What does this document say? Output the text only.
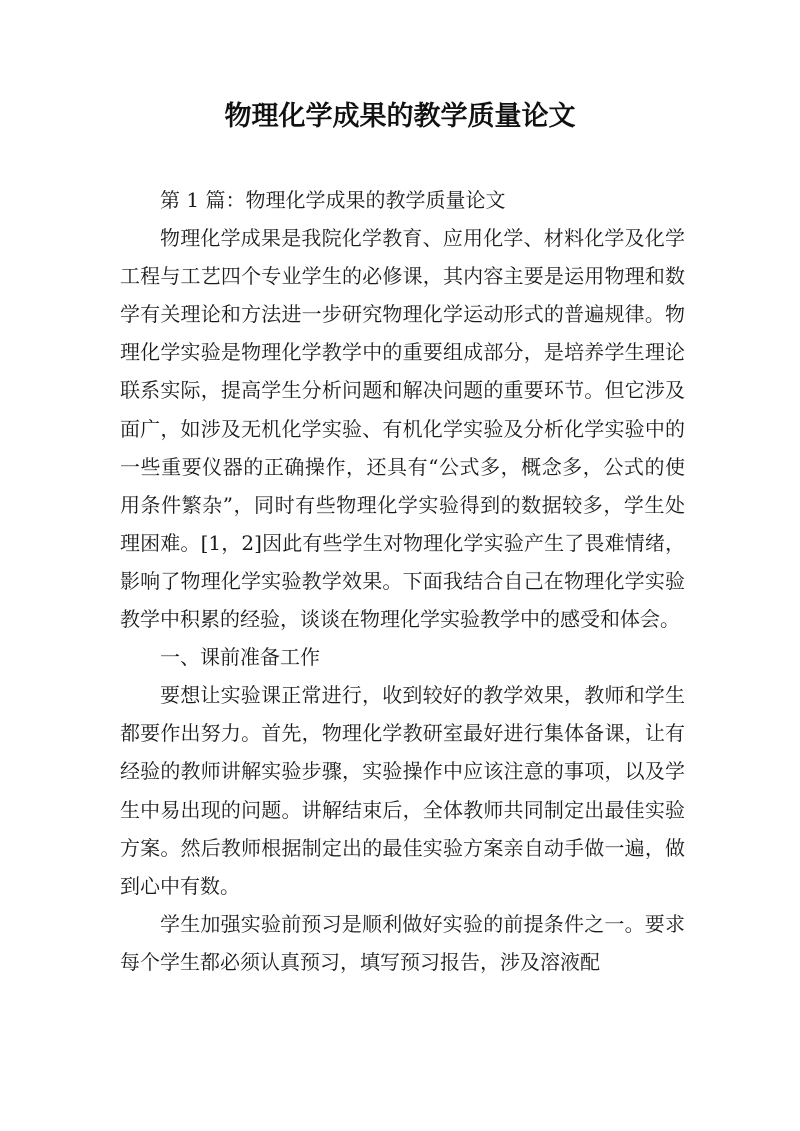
物理化学成果的教学质量论文

第 1 篇：物理化学成果的教学质量论文

物理化学成果是我院化学教育、应用化学、材料化学及化学工程与工艺四个专业学生的必修课，其内容主要是运用物理和数学有关理论和方法进一步研究物理化学运动形式的普遍规律。物理化学实验是物理化学教学中的重要组成部分，是培养学生理论联系实际，提高学生分析问题和解决问题的重要环节。但它涉及面广，如涉及无机化学实验、有机化学实验及分析化学实验中的一些重要仪器的正确操作，还具有“公式多，概念多，公式的使用条件繁杂”，同时有些物理化学实验得到的数据较多，学生处理困难。[1，2]因此有些学生对物理化学实验产生了畏难情绪，影响了物理化学实验教学效果。下面我结合自己在物理化学实验教学中积累的经验，谈谈在物理化学实验教学中的感受和体会。

一、课前准备工作

要想让实验课正常进行，收到较好的教学效果，教师和学生都要作出努力。首先，物理化学教研室最好进行集体备课，让有经验的教师讲解实验步骤，实验操作中应该注意的事项，以及学生中易出现的问题。讲解结束后，全体教师共同制定出最佳实验方案。然后教师根据制定出的最佳实验方案亲自动手做一遍，做到心中有数。

学生加强实验前预习是顺利做好实验的前提条件之一。要求每个学生都必须认真预习，填写预习报告，涉及溶液配
